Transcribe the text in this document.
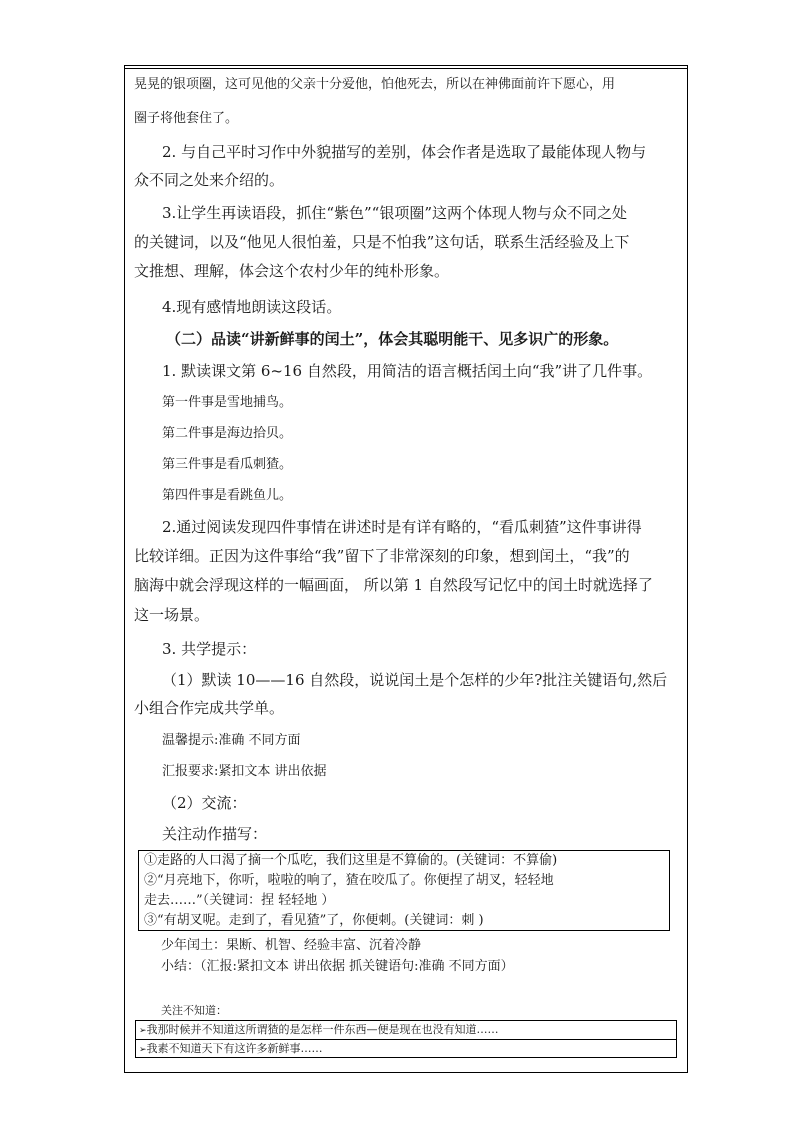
晃晃的银项圈，这可见他的父亲十分爱他，怕他死去，所以在神佛面前许下愿心，用
圈子将他套住了。
2. 与自己平时习作中外貌描写的差别，体会作者是选取了最能体现人物与
众不同之处来介绍的。
3.让学生再读语段，抓住“紫色”“银项圈”这两个体现人物与众不同之处
的关键词，以及“他见人很怕羞，只是不怕我”这句话，联系生活经验及上下
文推想、理解，体会这个农村少年的纯朴形象。
4.现有感情地朗读这段话。
（二）品读“讲新鲜事的闰土”，体会其聪明能干、见多识广的形象。
1. 默读课文第 6~16 自然段，用简洁的语言概括闰土向“我”讲了几件事。
第一件事是雪地捕鸟。
第二件事是海边拾贝。
第三件事是看瓜刺猹。
第四件事是看跳鱼儿。
2.通过阅读发现四件事情在讲述时是有详有略的，“看瓜刺猹”这件事讲得
比较详细。正因为这件事给“我”留下了非常深刻的印象，想到闰土，“我”的
脑海中就会浮现这样的一幅画面， 所以第 1 自然段写记忆中的闰土时就选择了
这一场景。
3. 共学提示：
（1）默读 10——16 自然段，说说闰土是个怎样的少年?批注关键语句,然后
小组合作完成共学单。
温馨提示:准确 不同方面
汇报要求:紧扣文本 讲出依据
（2）交流：
关注动作描写：
①走路的人口渴了摘一个瓜吃，我们这里是不算偷的。(关键词：不算偷)
②“月亮地下，你听，啦啦的响了，猹在咬瓜了。你便捏了胡叉，轻轻地
走去……”（关键词：捏 轻轻地 ）
③“有胡叉呢。走到了，看见猹”了，你便刺。(关键词：刺 )
少年闰土：果断、机智、经验丰富、沉着冷静
小结：（汇报:紧扣文本 讲出依据 抓关键语句:准确 不同方面）
关注不知道：
➢我那时候并不知道这所谓猹的是怎样一件东西—便是现在也没有知道……
➢我素不知道天下有这许多新鲜事……
